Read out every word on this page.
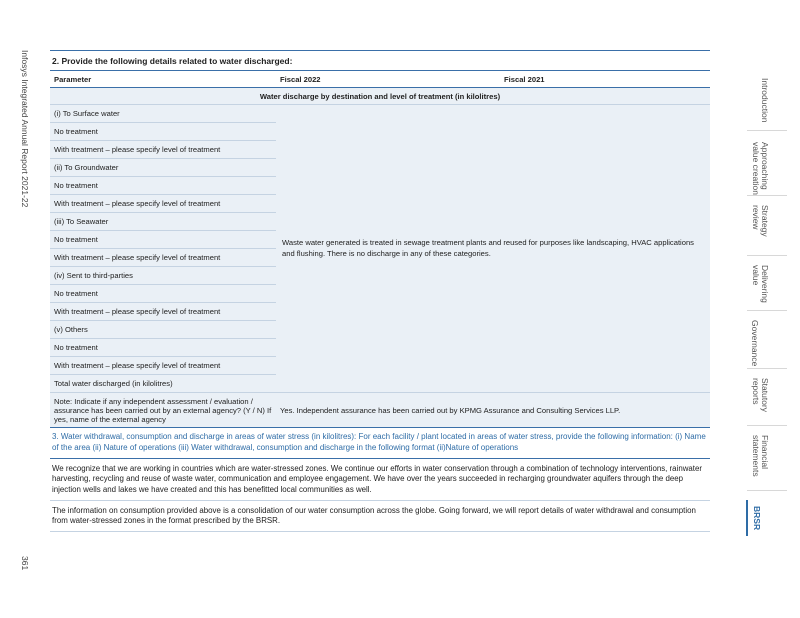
Infosys Integrated Annual Report 2021-22
361
2. Provide the following details related to water discharged:
Parameter	Fiscal 2022	Fiscal 2021
Water discharge by destination and level of treatment (in kilolitres)		
(i) To Surface water	Waste water generated is treated in sewage treatment plants and reused for purposes like landscaping, HVAC applications and flushing. There is no discharge in any of these categories.	
No treatment		
With treatment – please specify level of treatment		
(ii) To Groundwater		
No treatment		
With treatment – please specify level of treatment		
(iii) To Seawater		
No treatment		
With treatment – please specify level of treatment		
(iv) Sent to third-parties		
No treatment		
With treatment – please specify level of treatment		
(v) Others		
No treatment		
With treatment – please specify level of treatment		
Total water discharged (in kilolitres)		
Note: Indicate if any independent assessment / evaluation / assurance has been carried out by an external agency? (Y / N) If yes, name of the external agency	Yes. Independent assurance has been carried out by KPMG Assurance and Consulting Services LLP.	
3. Water withdrawal, consumption and discharge in areas of water stress (in kilolitres): For each facility / plant located in areas of water stress, provide the following information: (i) Name of the area (ii) Nature of operations (iii) Water withdrawal, consumption and discharge in the following format (ii)Nature of operations
We recognize that we are working in countries which are water-stressed zones. We continue our efforts in water conservation through a combination of technology interventions, rainwater harvesting, recycling and reuse of waste water, communication and employee engagement. We have over the years succeeded in recharging groundwater aquifers through the deep injection wells and lakes we have created and this has benefitted local communities as well.
The information on consumption provided above is a consolidation of our water consumption across the globe. Going forward, we will report details of water withdrawal and consumption from water-stressed zones in the format prescribed by the BRSR.
Introduction
Approaching value creation
Strategy review
Delivering value
Governance
Statutory reports
Financial statements
BRSR
